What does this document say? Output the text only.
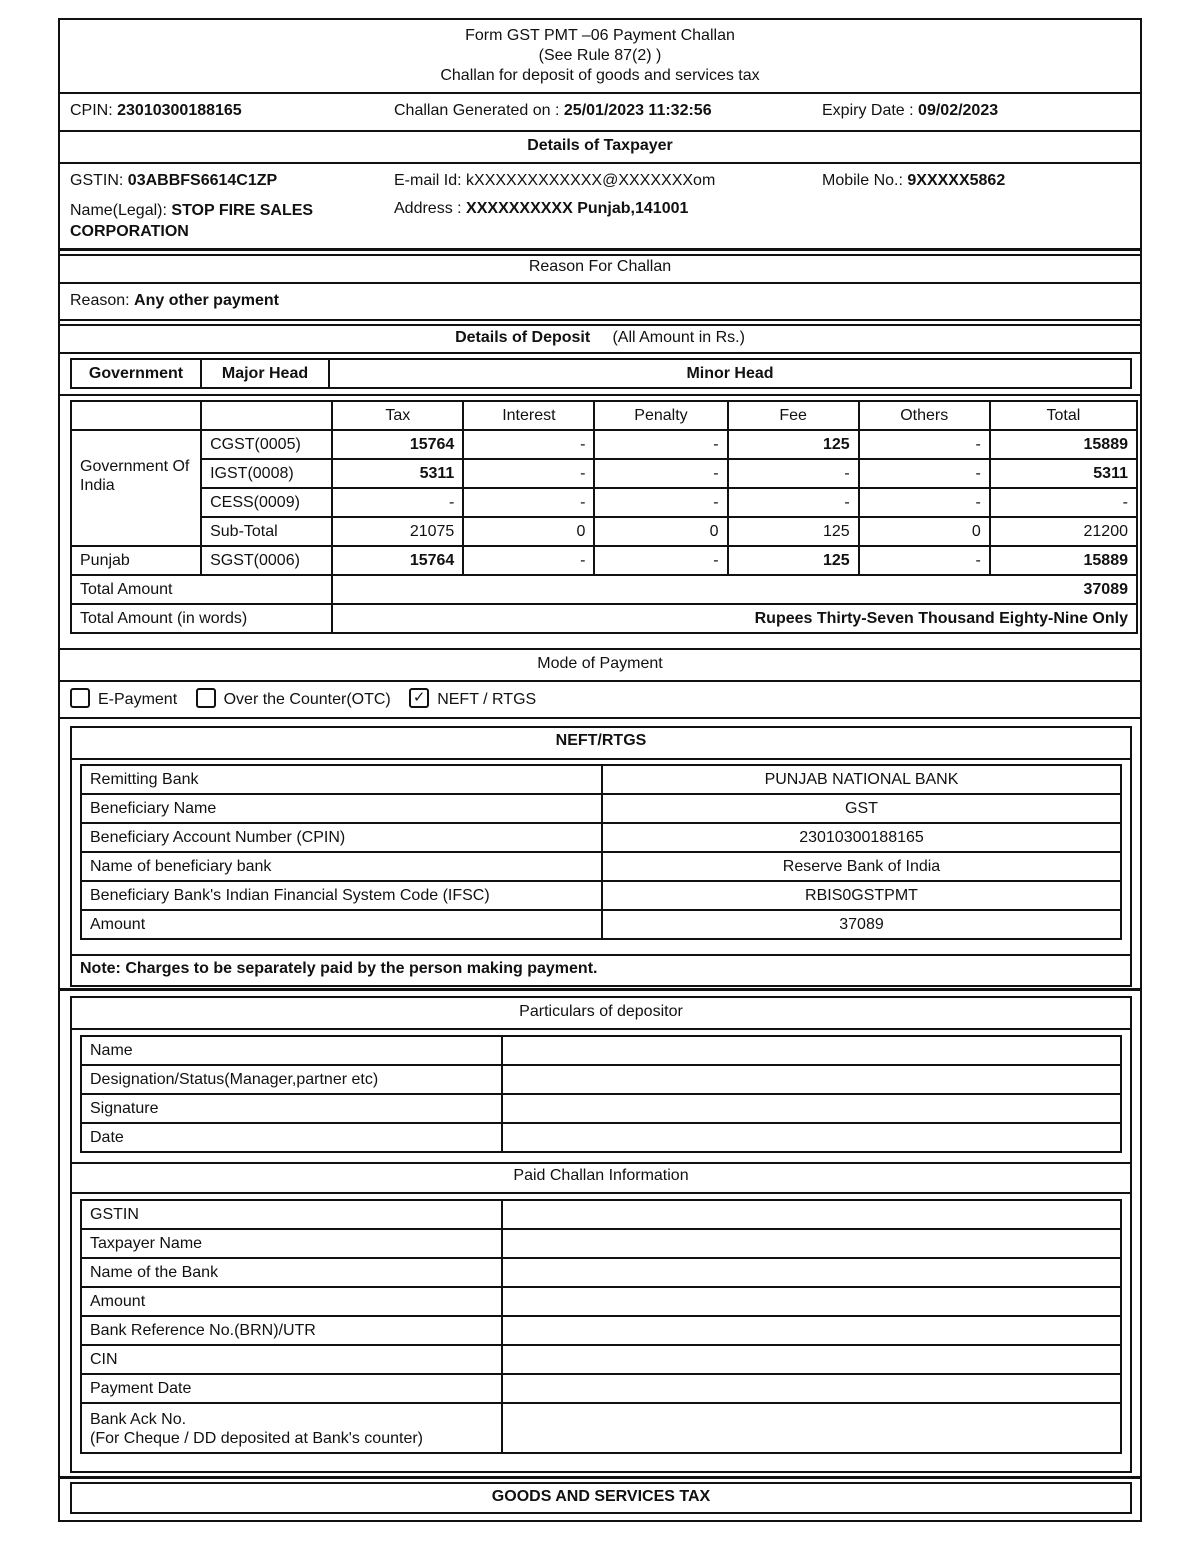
Form GST PMT –06 Payment Challan
(See Rule 87(2) )
Challan for deposit of goods and services tax
CPIN: 23010300188165	Challan Generated on : 25/01/2023 11:32:56	Expiry Date : 09/02/2023
Details of Taxpayer
GSTIN: 03ABBFS6614C1ZP	E-mail Id: kXXXXXXXXXXXX@XXXXXXXom	Mobile No.: 9XXXXX5862
Name(Legal): STOP FIRE SALES
CORPORATION
Address : XXXXXXXXXX Punjab,141001
Reason For Challan
Reason: Any other payment
Details of Deposit (All Amount in Rs.)
Government	Major Head	Minor Head
		Tax	Interest	Penalty	Fee	Others	Total
Government Of India	CGST(0005)	15764	-	-	125	-	15889
	IGST(0008)	5311	-	-	-	-	5311
	CESS(0009)	-	-	-	-	-	-
	Sub-Total	21075	0	0	125	0	21200
Punjab	SGST(0006)	15764	-	-	125	-	15889
Total Amount		37089					
Total Amount (in words)		Rupees Thirty-Seven Thousand Eighty-Nine Only					
Mode of Payment
E-Payment	Over the Counter(OTC) ✓ NEFT / RTGS
NEFT/RTGS
Remitting Bank	PUNJAB NATIONAL BANK
Beneficiary Name	GST
Beneficiary Account Number (CPIN)	23010300188165
Name of beneficiary bank	Reserve Bank of India
Beneficiary Bank's Indian Financial System Code (IFSC)	RBIS0GSTPMT
Amount	37089
Note: Charges to be separately paid by the person making payment.
Particulars of depositor
Name	
Designation/Status(Manager,partner etc)	
Signature	
Date	
Paid Challan Information
GSTIN	
Taxpayer Name	
Name of the Bank	
Amount	
Bank Reference No.(BRN)/UTR	
CIN	
Payment Date	

Bank Ack No.
(For Cheque / DD deposited at Bank's counter)	

GOODS AND SERVICES TAX
